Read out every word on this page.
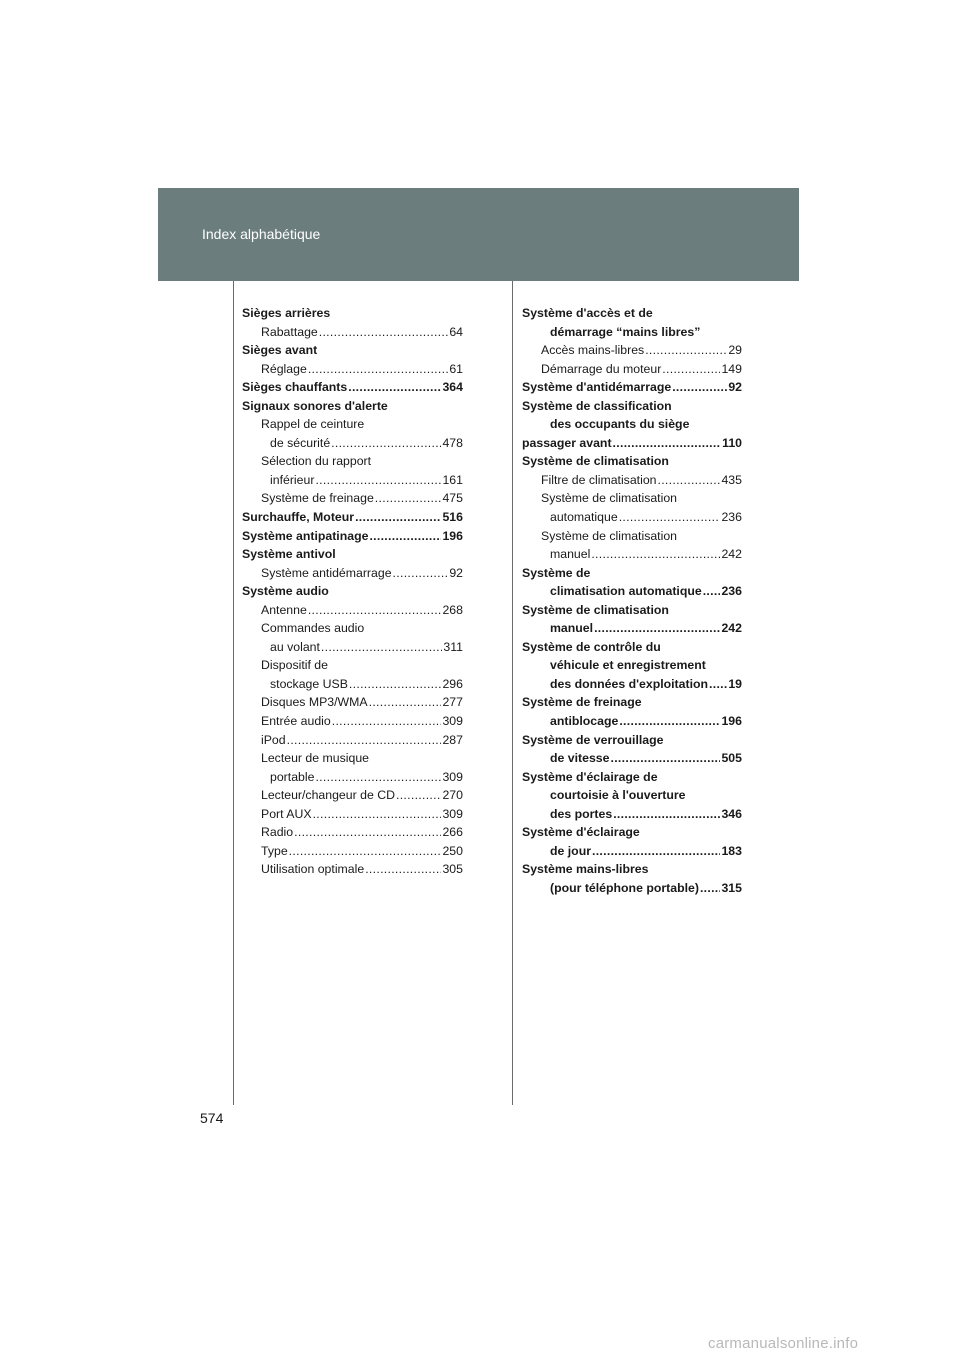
Index alphabétique
Sièges arrières
Rabattage .....	64
Sièges avant
Réglage .....	61
Sièges chauffants .....	364
Signaux sonores d'alerte
Rappel de ceinture
de sécurité .....	478
Sélection du rapport
inférieur .....	161
Système de freinage .....	475
Surchauffe, Moteur .....	516
Système antipatinage .....	196
Système antivol
Système antidémarrage .....	92
Système audio
Antenne .....	268
Commandes audio
au volant .....	311
Dispositif de
stockage USB .....	296
Disques MP3/WMA .....	277
Entrée audio .....	309
iPod .....	287
Lecteur de musique
portable .....	309
Lecteur/changeur de CD .....	270
Port AUX .....	309
Radio .....	266
Type .....	250
Utilisation optimale .....	305
Système d'accès et de
démarrage “mains libres”
Accès mains-libres .....	29
Démarrage du moteur .....	149
Système d'antidémarrage .....	92
Système de classification
des occupants du siège
passager avant .....	110
Système de climatisation
Filtre de climatisation .....	435
Système de climatisation
automatique .....	236
Système de climatisation
manuel .....	242
Système de
climatisation automatique ..... 236
Système de climatisation
manuel .....	242
Système de contrôle du
véhicule et enregistrement
des données d'exploitation ..... 19
Système de freinage
antiblocage .....	196
Système de verrouillage
de vitesse .....	505
Système d'éclairage de
courtoisie à l'ouverture
des portes .....	346
Système d'éclairage
de jour .....	183
Système mains-libres
(pour téléphone portable) ..... 315
574
carmanualsonline.info
